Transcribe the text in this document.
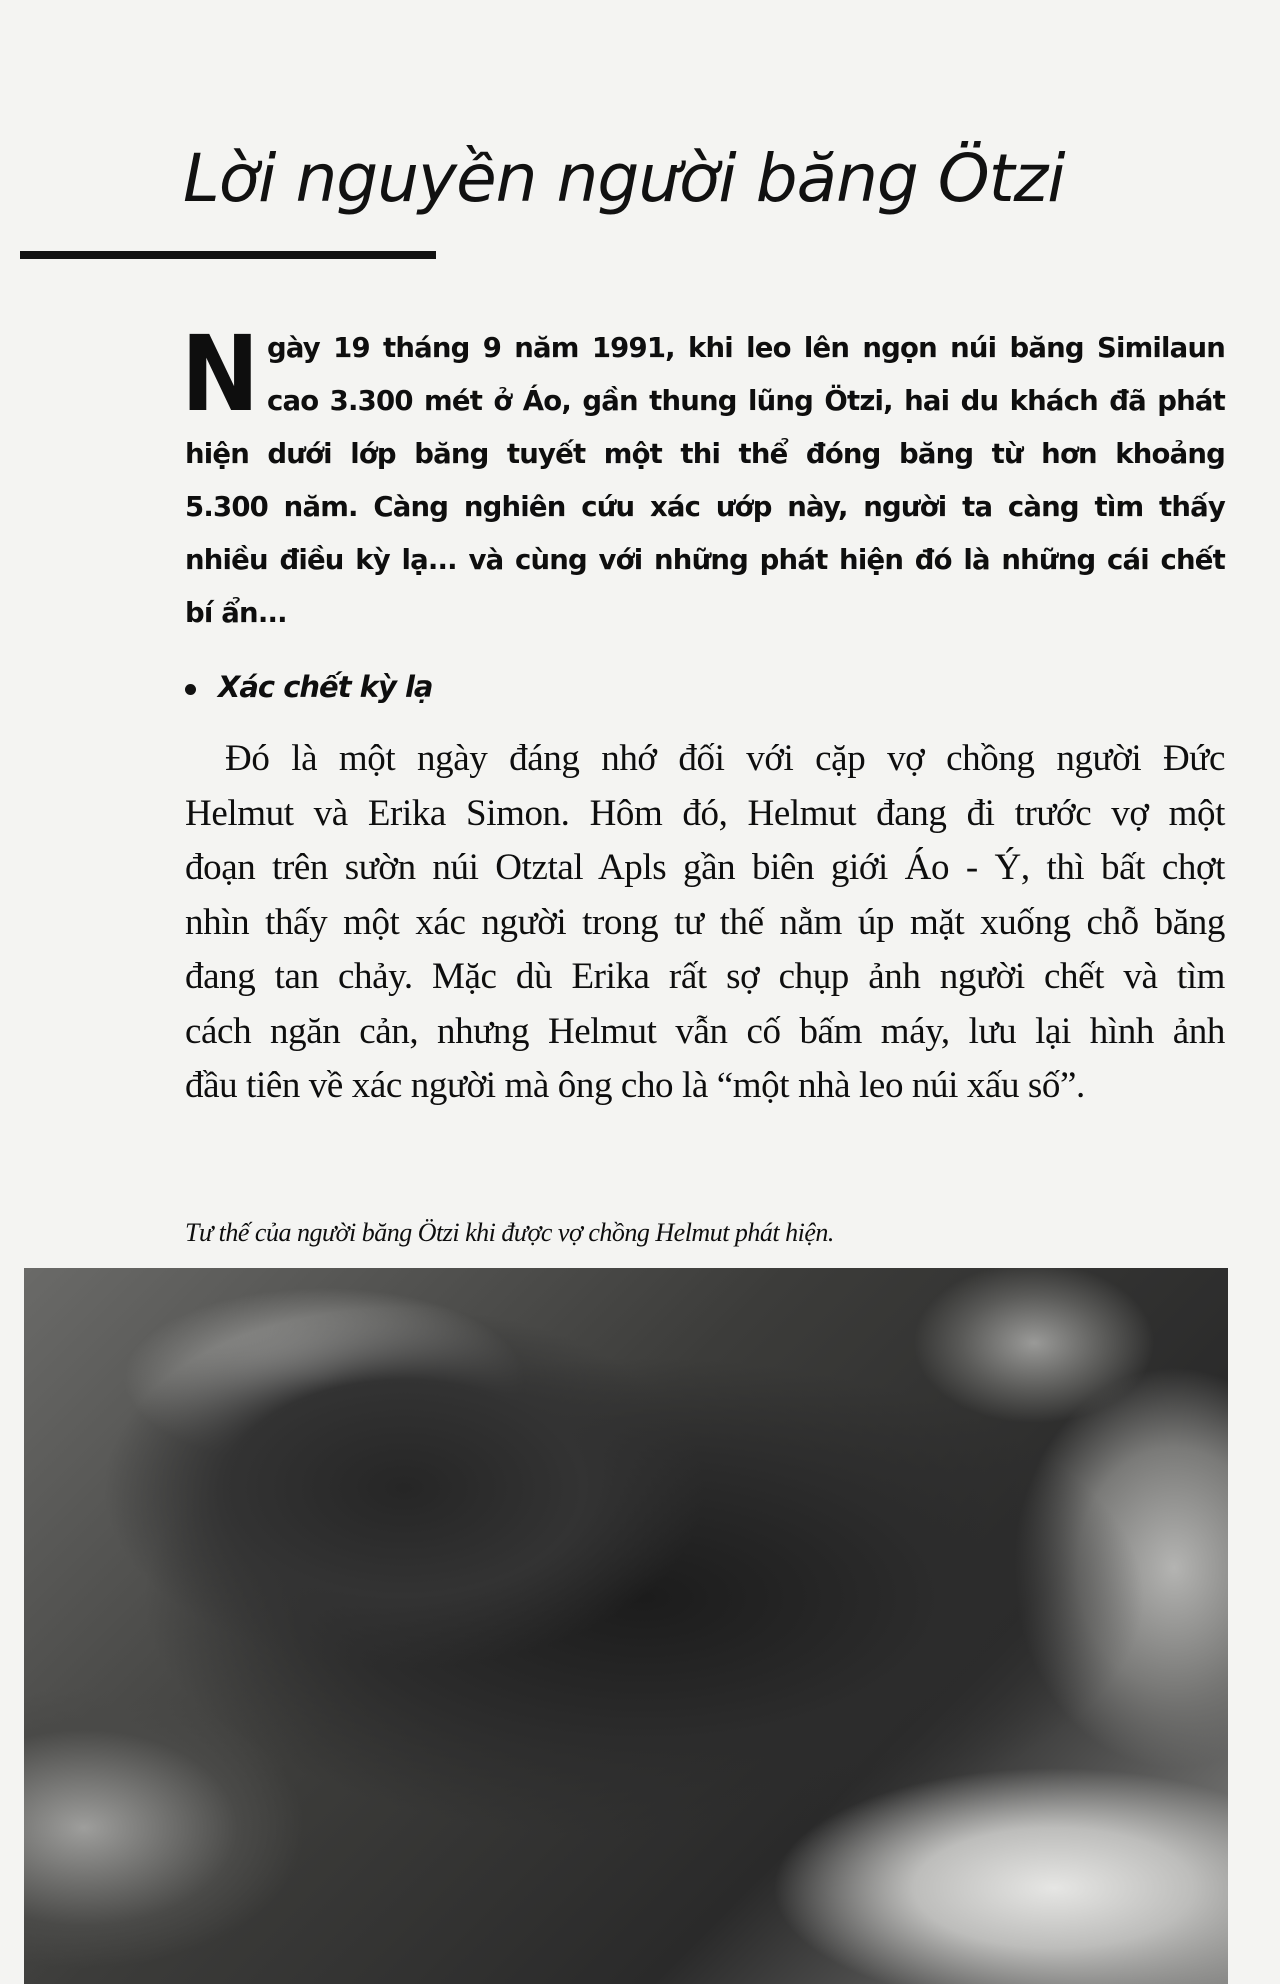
Lời nguyền người băng Ötzi
N gày 19 tháng 9 năm 1991, khi leo lên ngọn núi băng Similaun
cao 3.300 mét ở Áo, gần thung lũng Ötzi, hai du khách đã phát
hiện dưới lớp băng tuyết một thi thể đóng băng từ hơn khoảng
5.300 năm. Càng nghiên cứu xác ướp này, người ta càng tìm thấy
nhiều điều kỳ lạ... và cùng với những phát hiện đó là những cái chết
bí ẩn...
Xác chết kỳ lạ
Đó là một ngày đáng nhớ đối với cặp vợ chồng người Đức
Helmut và Erika Simon. Hôm đó, Helmut đang đi trước vợ một
đoạn trên sườn núi Otztal Apls gần biên giới Áo - Ý, thì bất chợt
nhìn thấy một xác người trong tư thế nằm úp mặt xuống chỗ băng
đang tan chảy. Mặc dù Erika rất sợ chụp ảnh người chết và tìm
cách ngăn cản, nhưng Helmut vẫn cố bấm máy, lưu lại hình ảnh
đầu tiên về xác người mà ông cho là “một nhà leo núi xấu số”.
Tư thế của người băng Ötzi khi được vợ chồng Helmut phát hiện.
